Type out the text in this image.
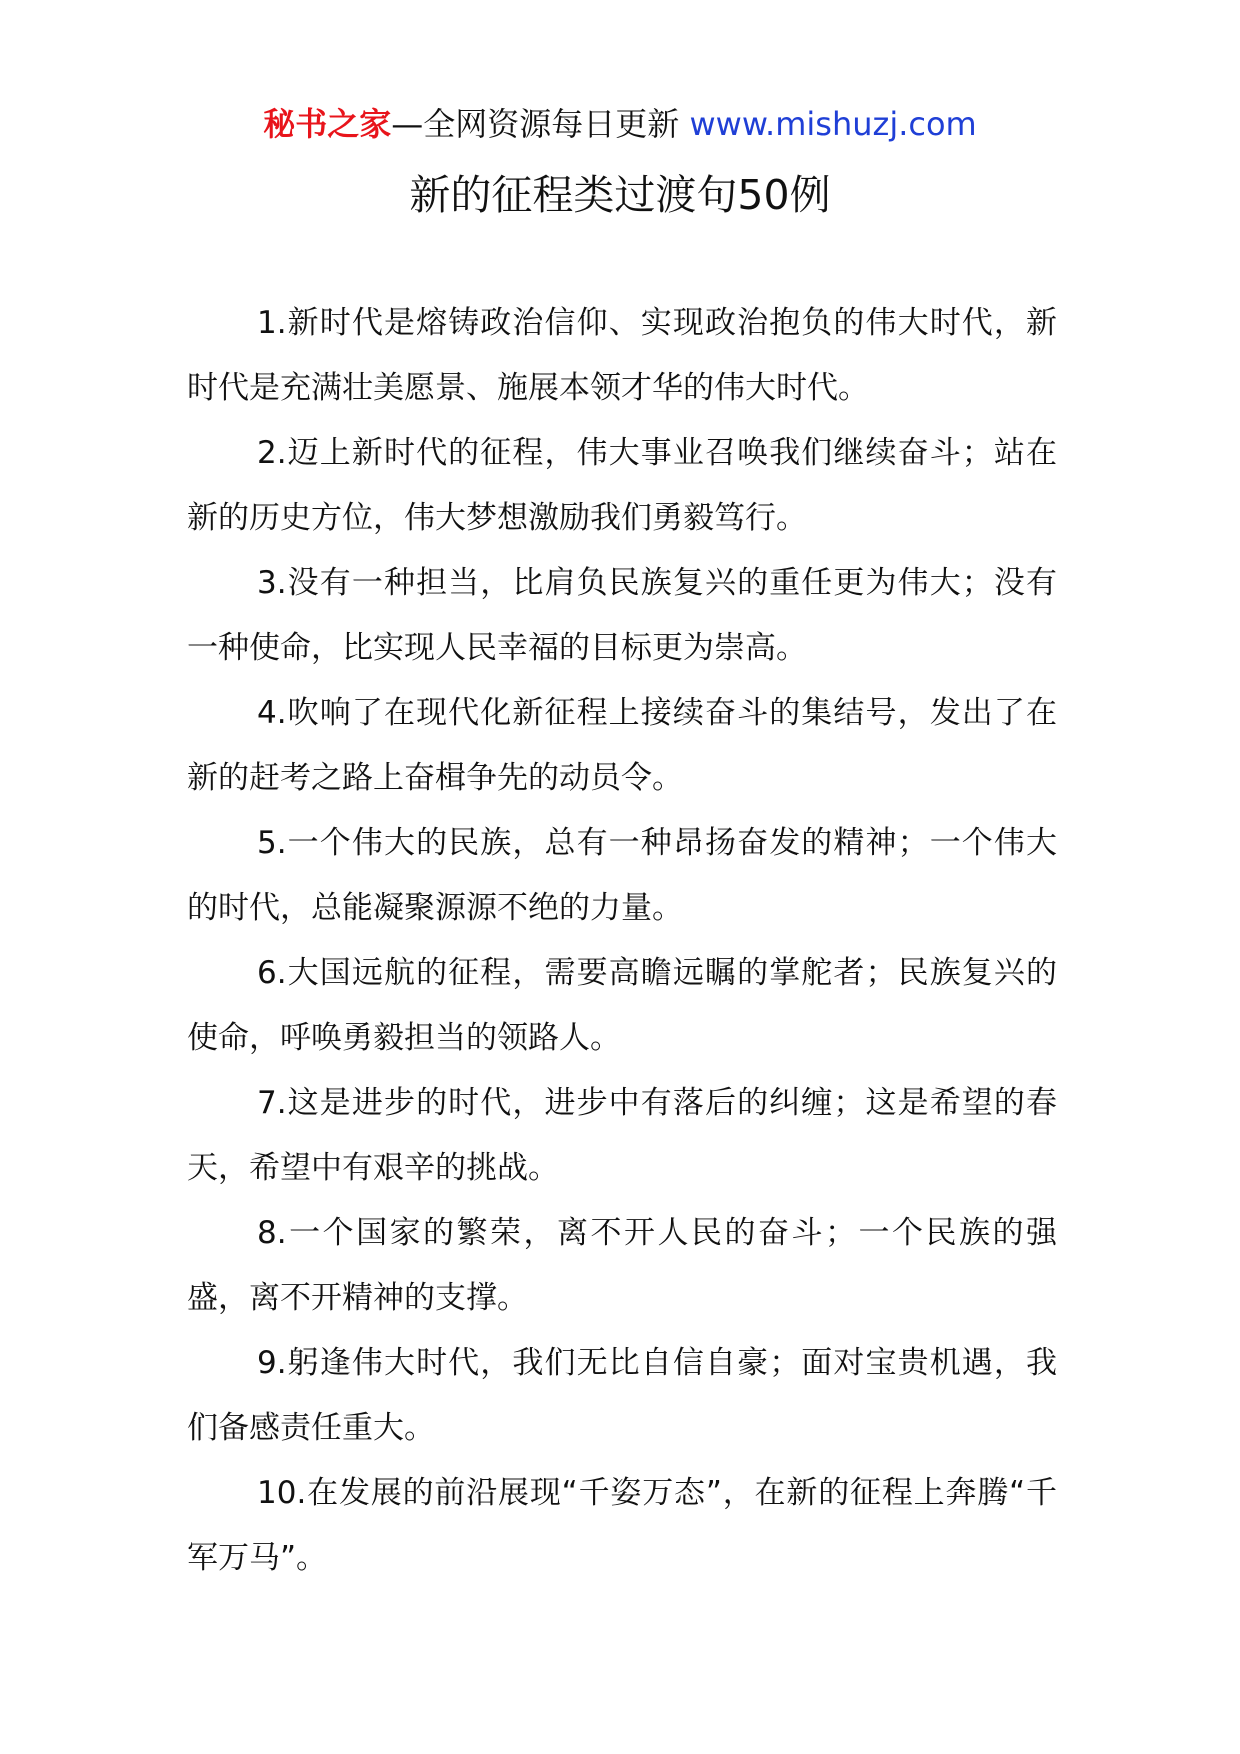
秘书之家—全网资源每日更新 www.mishuzj.com
新的征程类过渡句50例

1.新时代是熔铸政治信仰、实现政治抱负的伟大时代，新时代是充满壮美愿景、施展本领才华的伟大时代。

2.迈上新时代的征程，伟大事业召唤我们继续奋斗；站在新的历史方位，伟大梦想激励我们勇毅笃行。

3.没有一种担当，比肩负民族复兴的重任更为伟大；没有一种使命，比实现人民幸福的目标更为崇高。

4.吹响了在现代化新征程上接续奋斗的集结号，发出了在新的赶考之路上奋楫争先的动员令。

5.一个伟大的民族，总有一种昂扬奋发的精神；一个伟大的时代，总能凝聚源源不绝的力量。

6.大国远航的征程，需要高瞻远瞩的掌舵者；民族复兴的使命，呼唤勇毅担当的领路人。

7.这是进步的时代，进步中有落后的纠缠；这是希望的春天，希望中有艰辛的挑战。

8.一个国家的繁荣，离不开人民的奋斗；一个民族的强盛，离不开精神的支撑。

9.躬逢伟大时代，我们无比自信自豪；面对宝贵机遇，我们备感责任重大。

10.在发展的前沿展现“千姿万态”，在新的征程上奔腾“千军万马”。
